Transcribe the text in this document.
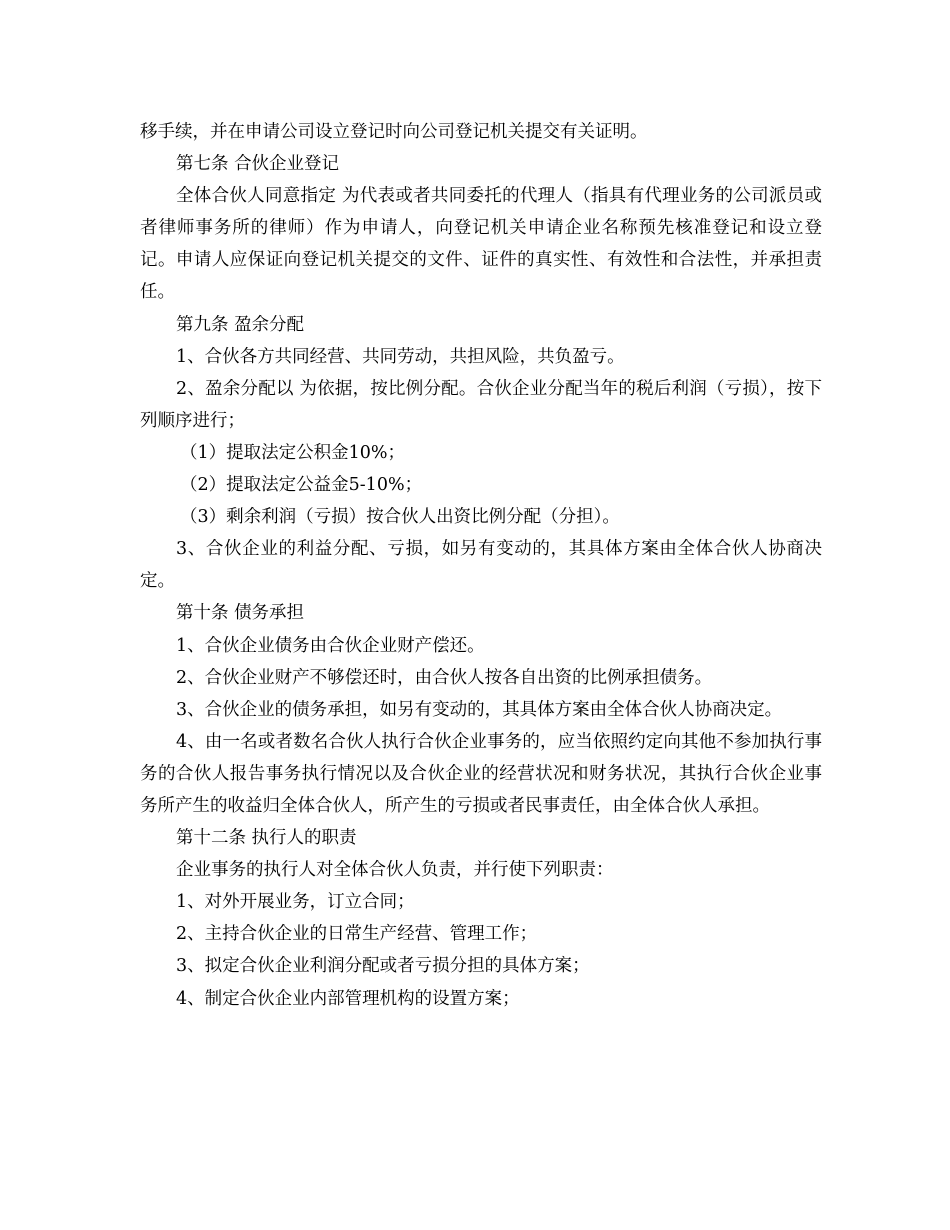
移手续，并在申请公司设立登记时向公司登记机关提交有关证明。

第七条 合伙企业登记

全体合伙人同意指定 为代表或者共同委托的代理人（指具有代理业务的公司派员或者律师事务所的律师）作为申请人，向登记机关申请企业名称预先核准登记和设立登记。申请人应保证向登记机关提交的文件、证件的真实性、有效性和合法性，并承担责任。

第九条 盈余分配

1、合伙各方共同经营、共同劳动，共担风险，共负盈亏。

2、盈余分配以 为依据，按比例分配。合伙企业分配当年的税后利润（亏损），按下列顺序进行；

（1）提取法定公积金10%；

（2）提取法定公益金5-10%；

（3）剩余利润（亏损）按合伙人出资比例分配（分担）。

3、合伙企业的利益分配、亏损，如另有变动的，其具体方案由全体合伙人协商决定。

第十条 债务承担

1、合伙企业债务由合伙企业财产偿还。

2、合伙企业财产不够偿还时，由合伙人按各自出资的比例承担债务。

3、合伙企业的债务承担，如另有变动的，其具体方案由全体合伙人协商决定。

4、由一名或者数名合伙人执行合伙企业事务的，应当依照约定向其他不参加执行事务的合伙人报告事务执行情况以及合伙企业的经营状况和财务状况，其执行合伙企业事务所产生的收益归全体合伙人，所产生的亏损或者民事责任，由全体合伙人承担。

第十二条 执行人的职责

企业事务的执行人对全体合伙人负责，并行使下列职责：

1、对外开展业务，订立合同；

2、主持合伙企业的日常生产经营、管理工作；

3、拟定合伙企业利润分配或者亏损分担的具体方案；

4、制定合伙企业内部管理机构的设置方案；
